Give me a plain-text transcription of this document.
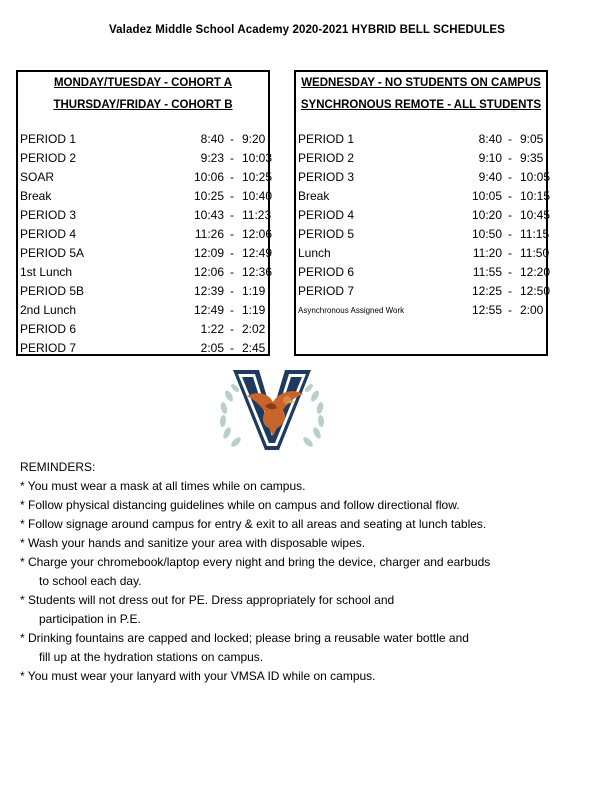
Valadez Middle School Academy 2020-2021 HYBRID BELL SCHEDULES
MONDAY/TUESDAY - COHORT A
THURSDAY/FRIDAY - COHORT B
PERIOD 1	8:40 - 9:20
PERIOD 2	9:23 - 10:03
SOAR	10:06 - 10:25
Break	10:25 - 10:40
PERIOD 3	10:43 - 11:23
PERIOD 4	11:26 - 12:06
PERIOD 5A	12:09 - 12:49
1st Lunch	12:06 - 12:36
PERIOD 5B	12:39 - 1:19
2nd Lunch	12:49 - 1:19
PERIOD 6	1:22 - 2:02
PERIOD 7	2:05 - 2:45
WEDNESDAY - NO STUDENTS ON CAMPUS
SYNCHRONOUS REMOTE - ALL STUDENTS
PERIOD 1	8:40 - 9:05
PERIOD 2	9:10 - 9:35
PERIOD 3	9:40 - 10:05
Break	10:05 - 10:15
PERIOD 4	10:20 - 10:45
PERIOD 5	10:50 - 11:15
Lunch	11:20 - 11:50
PERIOD 6	11:55 - 12:20
PERIOD 7	12:25 - 12:50
Asynchronous Assigned Work	12:55 - 2:00
REMINDERS:
* You must wear a mask at all times while on campus.
* Follow physical distancing guidelines while on campus and follow directional flow.
* Follow signage around campus for entry & exit to all areas and seating at lunch tables.
* Wash your hands and sanitize your area with disposable wipes.
* Charge your chromebook/laptop every night and bring the device, charger and earbuds
to school each day.
* Students will not dress out for PE. Dress appropriately for school and
participation in P.E.
* Drinking fountains are capped and locked; please bring a reusable water bottle and
fill up at the hydration stations on campus.
* You must wear your lanyard with your VMSA ID while on campus.
